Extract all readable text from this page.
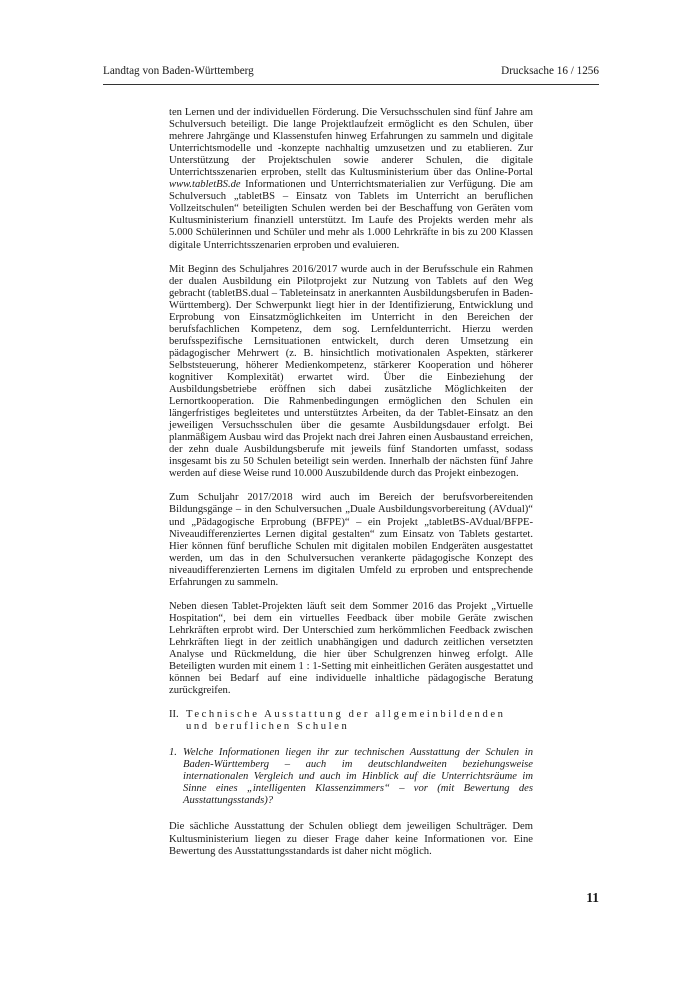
Landtag von Baden-Württemberg	Drucksache 16 / 1256

ten Lernen und der individuellen Förderung. Die Versuchsschulen sind fünf Jahre am Schulversuch beteiligt. Die lange Projektlaufzeit ermöglicht es den Schulen, über mehrere Jahrgänge und Klassenstufen hinweg Erfahrungen zu sammeln und digitale Unterrichtsmodelle und -konzepte nachhaltig umzusetzen und zu etablieren. Zur Unterstützung der Projektschulen sowie anderer Schulen, die digitale Unterrichtsszenarien erproben, stellt das Kultusministerium über das Online-Portal www.tabletBS.de Informationen und Unterrichtsmaterialien zur Verfügung. Die am Schulversuch „tabletBS – Einsatz von Tablets im Unterricht an beruflichen Vollzeitschulen“ beteiligten Schulen werden bei der Beschaffung von Geräten vom Kultusministerium finanziell unterstützt. Im Laufe des Projekts werden mehr als 5.000 Schülerinnen und Schüler und mehr als 1.000 Lehrkräfte in bis zu 200 Klassen digitale Unterrichtsszenarien erproben und evaluieren.

Mit Beginn des Schuljahres 2016/2017 wurde auch in der Berufsschule ein Rahmen der dualen Ausbildung ein Pilotprojekt zur Nutzung von Tablets auf den Weg gebracht (tabletBS.dual – Tableteinsatz in anerkannten Ausbildungsberufen in Baden-Württemberg). Der Schwerpunkt liegt hier in der Identifizierung, Entwicklung und Erprobung von Einsatzmöglichkeiten im Unterricht in den Bereichen der berufsfachlichen Kompetenz, dem sog. Lernfeldunterricht. Hierzu werden berufsspezifische Lernsituationen entwickelt, durch deren Umsetzung ein pädagogischer Mehrwert (z. B. hinsichtlich motivationalen Aspekten, stärkerer Selbststeuerung, höherer Medienkompetenz, stärkerer Kooperation und höherer kognitiver Komplexität) erwartet wird. Über die Einbeziehung der Ausbildungsbetriebe eröffnen sich dabei zusätzliche Möglichkeiten der Lernortkooperation. Die Rahmenbedingungen ermöglichen den Schulen ein längerfristiges begleitetes und unterstütztes Arbeiten, da der Tablet-Einsatz an den jeweiligen Versuchsschulen über die gesamte Ausbildungsdauer erfolgt. Bei planmäßigem Ausbau wird das Projekt nach drei Jahren einen Ausbaustand erreichen, der zehn duale Ausbildungsberufe mit jeweils fünf Standorten umfasst, sodass insgesamt bis zu 50 Schulen beteiligt sein werden. Innerhalb der nächsten fünf Jahre werden auf diese Weise rund 10.000 Auszubildende durch das Projekt einbezogen.

Zum Schuljahr 2017/2018 wird auch im Bereich der berufsvorbereitenden Bildungsgänge – in den Schulversuchen „Duale Ausbildungsvorbereitung (AVdual)“ und „Pädagogische Erprobung (BFPE)“ – ein Projekt „tabletBS-AVdual/BFPE-Niveaudifferenziertes Lernen digital gestalten“ zum Einsatz von Tablets gestartet. Hier können fünf berufliche Schulen mit digitalen mobilen Endgeräten ausgestattet werden, um das in den Schulversuchen verankerte pädagogische Konzept des niveaudifferenzierten Lernens im digitalen Umfeld zu erproben und entsprechende Erfahrungen zu sammeln.

Neben diesen Tablet-Projekten läuft seit dem Sommer 2016 das Projekt „Virtuelle Hospitation“, bei dem ein virtuelles Feedback über mobile Geräte zwischen Lehrkräften erprobt wird. Der Unterschied zum herkömmlichen Feedback zwischen Lehrkräften liegt in der zeitlich unabhängigen und dadurch zeitlichen versetzten Analyse und Rückmeldung, die hier über Schulgrenzen hinweg erfolgt. Alle Beteiligten wurden mit einem 1 : 1-Setting mit einheitlichen Geräten ausgestattet und können bei Bedarf auf eine individuelle inhaltliche pädagogische Beratung zurückgreifen.

II. Technische Ausstattung der allgemeinbildenden und beruflichen Schulen
1. Welche Informationen liegen ihr zur technischen Ausstattung der Schulen in Baden-Württemberg – auch im deutschlandweiten beziehungsweise internationalen Vergleich und auch im Hinblick auf die Unterrichtsräume im Sinne eines „intelligenten Klassenzimmers“ – vor (mit Bewertung des Ausstattungsstands)?

Die sächliche Ausstattung der Schulen obliegt dem jeweiligen Schulträger. Dem Kultusministerium liegen zu dieser Frage daher keine Informationen vor. Eine Bewertung des Ausstattungsstandards ist daher nicht möglich.

11
